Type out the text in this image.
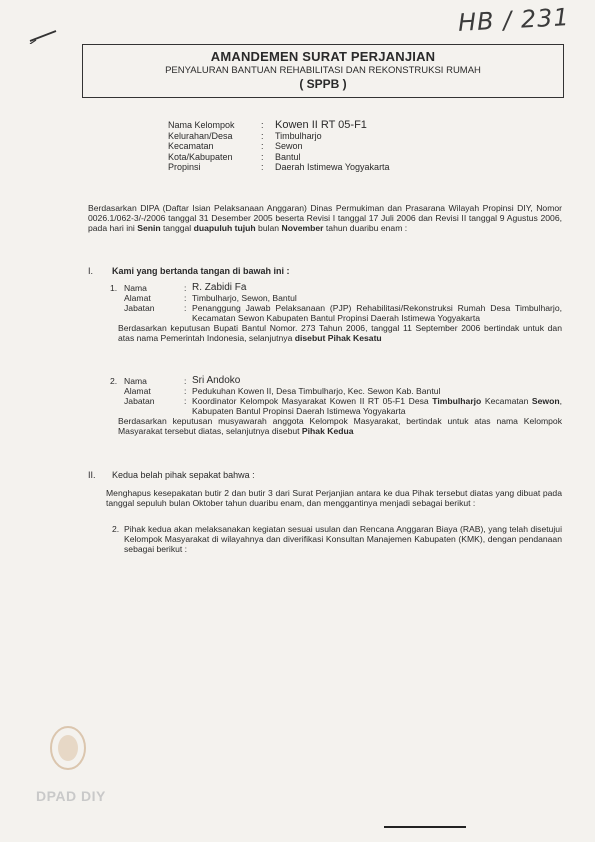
HB / 231
AMANDEMEN SURAT PERJANJIAN
PENYALURAN BANTUAN REHABILITASI DAN REKONSTRUKSI RUMAH
( SPPB )
Nama Kelompok	:	Kowen II RT 05-F1
Kelurahan/Desa	:	Timbulharjo
Kecamatan	:	Sewon
Kota/Kabupaten	:	Bantul
Propinsi	:	Daerah Istimewa Yogyakarta
Berdasarkan DIPA (Daftar Isian Pelaksanaan Anggaran) Dinas Permukiman dan Prasarana Wilayah Propinsi DIY, Nomor 0026.1/062-3/-/2006 tanggal 31 Desember 2005 beserta Revisi I tanggal 17 Juli 2006 dan Revisi II tanggal 9 Agustus 2006, pada hari ini Senin tanggal duapuluh tujuh bulan November tahun duaribu enam :
I.	Kami yang bertanda tangan di bawah ini :
1. Nama	: R. Zabidi Fa
Alamat	: Timbulharjo, Sewon, Bantul
Jabatan	: Penanggung Jawab Pelaksanaan (PJP) Rehabilitasi/Rekonstruksi Rumah Desa Timbulharjo, Kecamatan Sewon Kabupaten Bantul Propinsi Daerah Istimewa Yogyakarta
Berdasarkan keputusan Bupati Bantul Nomor. 273 Tahun 2006, tanggal 11 September 2006 bertindak untuk dan atas nama Pemerintah Indonesia, selanjutnya disebut Pihak Kesatu
2. Nama	: Sri Andoko
Alamat	: Pedukuhan Kowen II, Desa Timbulharjo, Kec. Sewon Kab. Bantul
Jabatan	: Koordinator Kelompok Masyarakat Kowen II RT 05-F1 Desa Timbulharjo Kecamatan Sewon, Kabupaten Bantul Propinsi Daerah Istimewa Yogyakarta
Berdasarkan keputusan musyawarah anggota Kelompok Masyarakat, bertindak untuk atas nama Kelompok Masyarakat tersebut diatas, selanjutnya disebut Pihak Kedua
II.	Kedua belah pihak sepakat bahwa :
Menghapus kesepakatan butir 2 dan butir 3 dari Surat Perjanjian antara ke dua Pihak tersebut diatas yang dibuat pada tanggal sepuluh bulan Oktober tahun duaribu enam, dan menggantinya menjadi sebagai berikut :
2. Pihak kedua akan melaksanakan kegiatan sesuai usulan dan Rencana Anggaran Biaya (RAB), yang telah disetujui Kelompok Masyarakat di wilayahnya dan diverifikasi Konsultan Manajemen Kabupaten (KMK), dengan pendanaan sebagai berikut :
DPAD DIY
